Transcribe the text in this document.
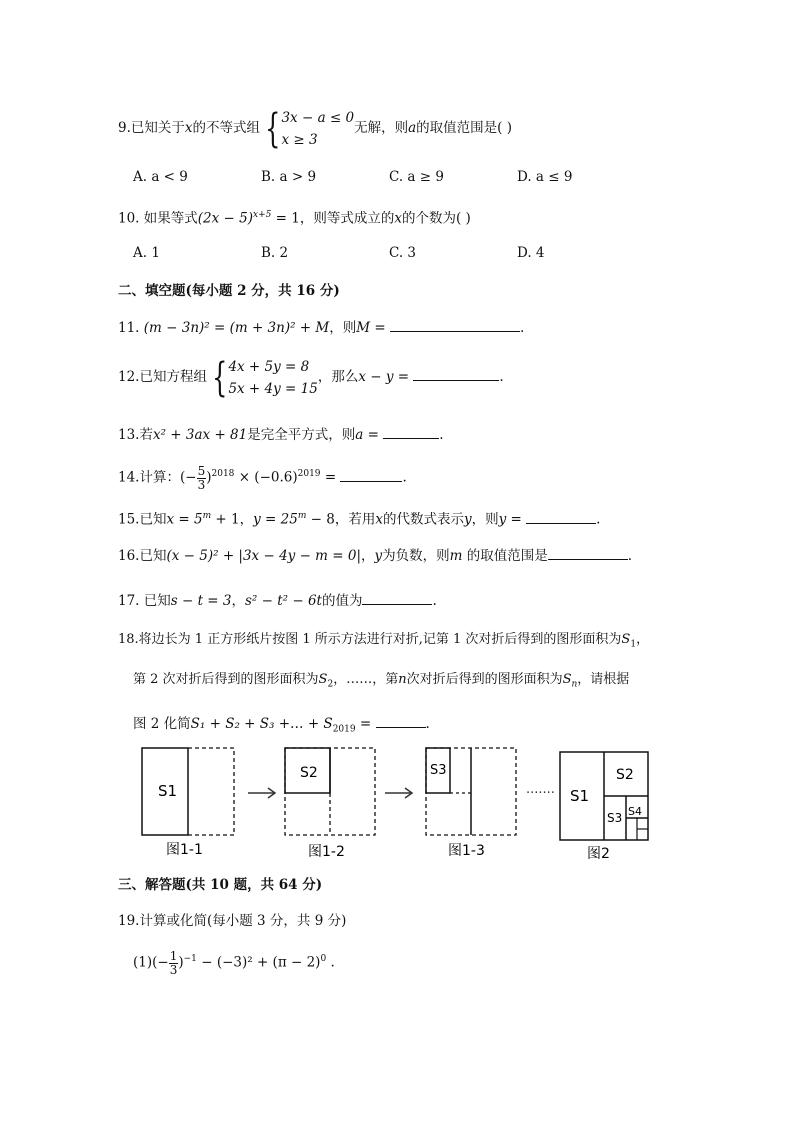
9.已知关于x的不等式组 { 3x − a ≤ 0
x ≥ 3
无解，则a的取值范围是( )
A. a < 9	B. a > 9	C. a ≥ 9	D. a ≤ 9
10. 如果等式$(2x - 5)^{x+5} = 1$，则等式成立的x的个数为( )
A. 1	B. 2	C. 3	D. 4
二、填空题(每小题 2 分，共 16 分)
11. (m − 3n)² = (m + 3n)² + M，则M =	.
12.已知方程组 { 4x + 5y = 8
5x + 4y = 15
，那么x − y =	.
13.若x² + 3ax + 81是完全平方式，则a =	.
14.计算：(− $\frac{5}{3} )^{2018} \times (-0.6)^{2019}$ =	.
15.已知$x = 5^m + 1$，$y = 25^m - 8$，若用x的代数式表示y，则y =	.
16.已知(x − 5)² + |3x − 4y − m = 0|，y为负数，则m 的取值范围是	.
17. 已知s − t = 3，s² − t² − 6t的值为	.
18.将边长为 1 正方形纸片按图 1 所示方法进行对折,记第 1 次对折后得到的图形面积为$S_1$，
第 2 次对折后得到的图形面积为$S_2$，……，第n次对折后得到的图形面积为$S_n$，请根据
图 2 化简S₁ + S₂ + S₃ +… + $S_{2019}$ =	.
S1
S2	S3
······· S1
S2
S3 S4
图1-1	图1-2	图1-3	图2
三、解答题(共 10 题，共 64 分)
19.计算或化简(每小题 3 分，共 9 分)
$(1)(- \frac{1}{3} )^{-1} - (-3)^2 + (\pi - 2)^0$ .
